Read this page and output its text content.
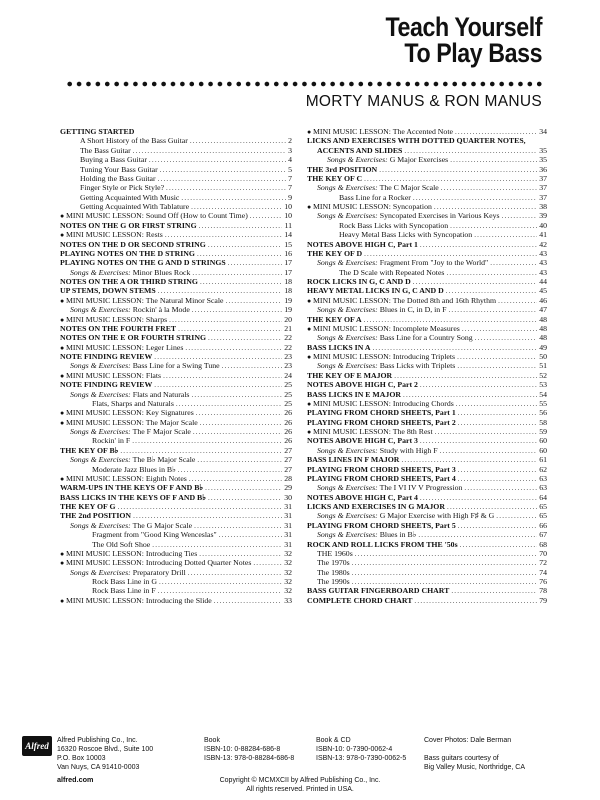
Teach Yourself
To Play Bass
MORTY MANUS & RON MANUS
GETTING STARTED
A Short History of the Bass Guitar .....	2
The Bass Guitar .....	3
Buying a Bass Guitar .....	4
Tuning Your Bass Guitar .....	5
Holding the Bass Guitar .....	7
Finger Style or Pick Style? .....	7
Getting Acquainted With Music .....	9
Getting Acquainted With Tablature .....	10
● MINI MUSIC LESSON: Sound Off (How to Count Time) .....	10
NOTES ON THE G OR FIRST STRING .....	11
● MINI MUSIC LESSON: Rests .....	14
NOTES ON THE D OR SECOND STRING .....	15
PLAYING NOTES ON THE D STRING .....	16
PLAYING NOTES ON THE G AND D STRINGS .....	17
Songs & Exercises: Minor Blues Rock .....	17
NOTES ON THE A OR THIRD STRING .....	18
UP STEMS, DOWN STEMS .....	18
● MINI MUSIC LESSON: The Natural Minor Scale .....	19
Songs & Exercises: Rockin' à la Mode .....	19
● MINI MUSIC LESSON: Sharps .....	20
NOTES ON THE FOURTH FRET .....	21
NOTES ON THE E OR FOURTH STRING .....	22
● MINI MUSIC LESSON: Leger Lines .....	22
NOTE FINDING REVIEW .....	23
Songs & Exercises: Bass Line for a Swing Tune .....	23
● MINI MUSIC LESSON: Flats .....	24
NOTE FINDING REVIEW .....	25
Songs & Exercises: Flats and Naturals .....	25
Flats, Sharps and Naturals .....	25
● MINI MUSIC LESSON: Key Signatures .....	26
● MINI MUSIC LESSON: The Major Scale .....	26
Songs & Exercises: The F Major Scale .....	26
Rockin' in F .....	26
THE KEY OF B♭ .....	27
Songs & Exercises: The B♭ Major Scale .....	27
Moderate Jazz Blues in B♭ .....	27
● MINI MUSIC LESSON: Eighth Notes .....	28
WARM-UPS IN THE KEYS OF F AND B♭ .....	29
BASS LICKS IN THE KEYS OF F AND B♭ .....	30
THE KEY OF G .....	31
THE 2nd POSITION .....	31
Songs & Exercises: The G Major Scale .....	31
Fragment from "Good King Wenceslas" .....	31
The Old Soft Shoe .....	31
● MINI MUSIC LESSON: Introducing Ties .....	32
● MINI MUSIC LESSON: Introducing Dotted Quarter Notes .....	32
Songs & Exercises: Preparatory Drill .....	32
Rock Bass Line in G .....	32
Rock Bass Line in F .....	32
● MINI MUSIC LESSON: Introducing the Slide .....	33
● MINI MUSIC LESSON: The Accented Note .....	34
LICKS AND EXERCISES WITH DOTTED QUARTER NOTES,
ACCENTS AND SLIDES .....	35
Songs & Exercises: G Major Exercises .....	35
THE 3rd POSITION .....	36
THE KEY OF C .....	37
Songs & Exercises: The C Major Scale .....	37
Bass Line for a Rocker .....	37
● MINI MUSIC LESSON: Syncopation .....	38
Songs & Exercises: Syncopated Exercises in Various Keys .....	39
Rock Bass Licks with Syncopation .....	40
Heavy Metal Bass Licks with Syncopation .....	41
NOTES ABOVE HIGH C, Part 1 .....	42
THE KEY OF D .....	43
Songs & Exercises: Fragment From "Joy to the World" .....	43
The D Scale with Repeated Notes .....	43
ROCK LICKS IN G, C AND D .....	44
HEAVY METAL LICKS IN G, C AND D .....	45
● MINI MUSIC LESSON: The Dotted 8th and 16th Rhythm .....	46
Songs & Exercises: Blues in C, in D, in F .....	47
THE KEY OF A .....	48
● MINI MUSIC LESSON: Incomplete Measures .....	48
Songs & Exercises: Bass Line for a Country Song .....	48
BASS LICKS IN A .....	49
● MINI MUSIC LESSON: Introducing Triplets .....	50
Songs & Exercises: Bass Licks with Triplets .....	51
THE KEY OF E MAJOR .....	52
NOTES ABOVE HIGH C, Part 2 .....	53
BASS LICKS IN E MAJOR .....	54
● MINI MUSIC LESSON: Introducing Chords .....	55
PLAYING FROM CHORD SHEETS, Part 1 .....	56
PLAYING FROM CHORD SHEETS, Part 2 .....	58
● MINI MUSIC LESSON: The 8th Rest .....	59
NOTES ABOVE HIGH C, Part 3 .....	60
Songs & Exercises: Study with High F .....	60
BASS LINES IN F MAJOR .....	61
PLAYING FROM CHORD SHEETS, Part 3 .....	62
PLAYING FROM CHORD SHEETS, Part 4 .....	63
Songs & Exercises: The I VI IV V Progression .....	63
NOTES ABOVE HIGH C, Part 4 .....	64
LICKS AND EXERCISES IN G MAJOR .....	65
Songs & Exercises: G Major Exercise with High F♯ & G .....	65
PLAYING FROM CHORD SHEETS, Part 5 .....	66
Songs & Exercises: Blues in B♭ .....	67
ROCK AND ROLL LICKS FROM THE '50s .....	68
THE 1960s .....	70
The 1970s .....	72
The 1980s .....	74
The 1990s .....	76
BASS GUITAR FINGERBOARD CHART .....	78
COMPLETE CHORD CHART .....	79
Alfred
Alfred Publishing Co., Inc.
16320 Roscoe Blvd., Suite 100
P.O. Box 10003
Van Nuys, CA 91410-0003
alfred.com
Book
ISBN-10: 0-88284-686-8
ISBN-13: 978-0-88284-686-8
Book & CD
ISBN-10: 0-7390-0062-4
ISBN-13: 978-0-7390-0062-5
Cover Photos: Dale Berman

Bass guitars courtesy of
Big Valley Music, Northridge, CA
Copyright © MCMXCII by Alfred Publishing Co., Inc.
All rights reserved. Printed in USA.
